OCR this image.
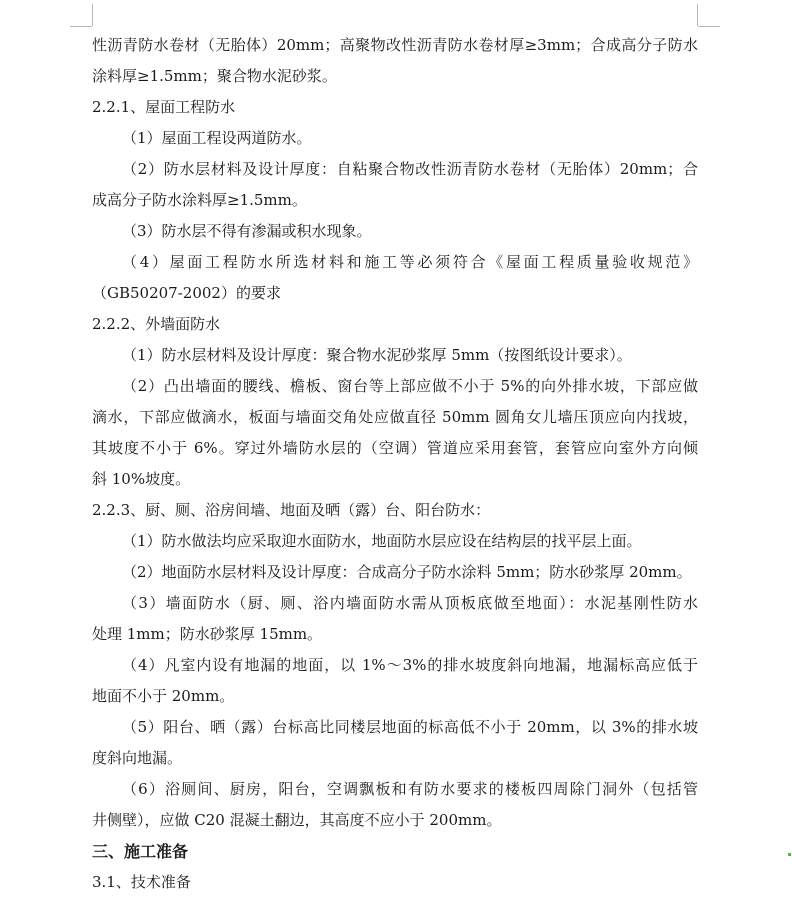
性沥青防水卷材（无胎体）20mm；高聚物改性沥青防水卷材厚≥3mm；合成高分子防水
涂料厚≥1.5mm；聚合物水泥砂浆。
2.2.1、屋面工程防水
（1）屋面工程设两道防水。
（2）防水层材料及设计厚度：自粘聚合物改性沥青防水卷材（无胎体）20mm；合
成高分子防水涂料厚≥1.5mm。
（3）防水层不得有渗漏或积水现象。
（4）屋面工程防水所选材料和施工等必须符合《屋面工程质量验收规范》
（GB50207-2002）的要求
2.2.2、外墙面防水
（1）防水层材料及设计厚度：聚合物水泥砂浆厚 5mm（按图纸设计要求）。
（2）凸出墙面的腰线、檐板、窗台等上部应做不小于 5%的向外排水坡，下部应做
滴水，下部应做滴水，板面与墙面交角处应做直径 50mm 圆角女儿墙压顶应向内找坡，
其坡度不小于 6%。穿过外墙防水层的（空调）管道应采用套管，套管应向室外方向倾
斜 10%坡度。
2.2.3、厨、厕、浴房间墙、地面及晒（露）台、阳台防水：
（1）防水做法均应采取迎水面防水，地面防水层应设在结构层的找平层上面。
（2）地面防水层材料及设计厚度：合成高分子防水涂料 5mm；防水砂浆厚 20mm。
（3）墙面防水（厨、厕、浴内墙面防水需从顶板底做至地面）：水泥基刚性防水
处理 1mm；防水砂浆厚 15mm。
（4）凡室内设有地漏的地面，以 1%～3%的排水坡度斜向地漏，地漏标高应低于
地面不小于 20mm。
（5）阳台、晒（露）台标高比同楼层地面的标高低不小于 20mm，以 3%的排水坡
度斜向地漏。
（6）浴厕间、厨房，阳台，空调飘板和有防水要求的楼板四周除门洞外（包括管
井侧壁），应做 C20 混凝土翻边，其高度不应小于 200mm。
三、施工准备
3.1、技术准备
